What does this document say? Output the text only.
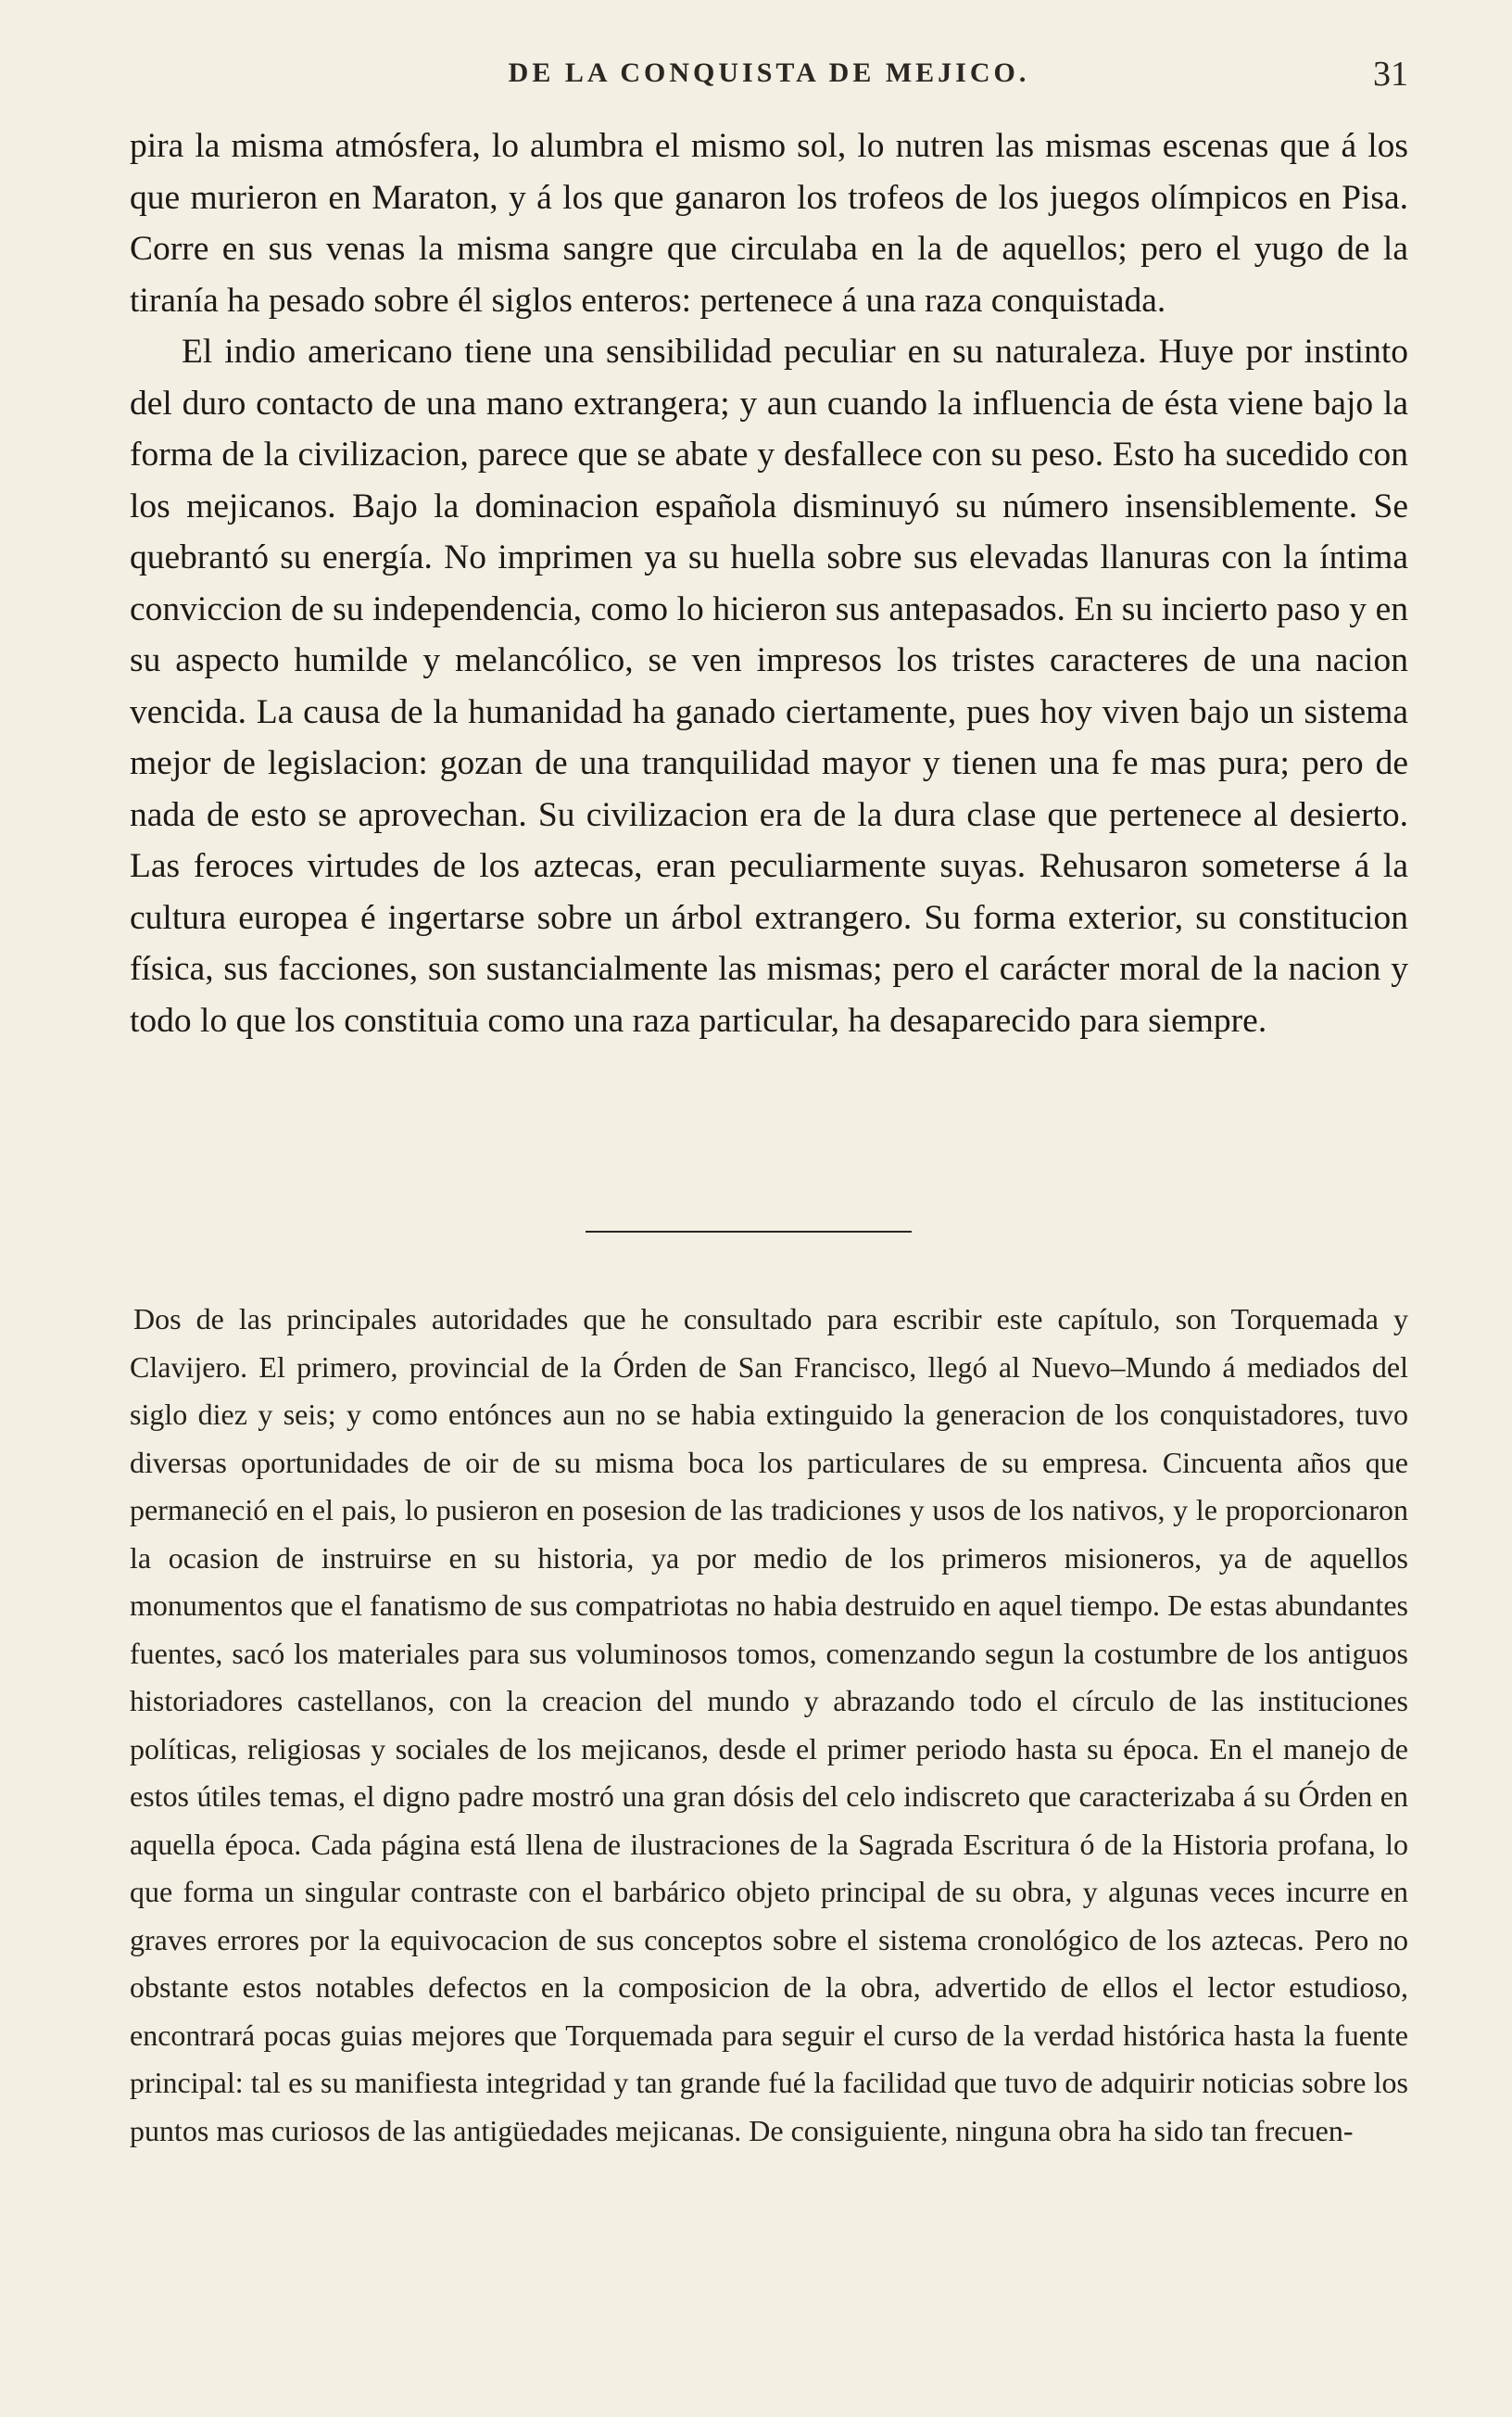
DE LA CONQUISTA DE MEJICO.	31

pira la misma atmósfera, lo alumbra el mismo sol, lo nutren las mismas escenas que á los que murieron en Maraton, y á los que ganaron los trofeos de los juegos olímpicos en Pisa. Corre en sus venas la misma sangre que circulaba en la de aquellos; pero el yugo de la tiranía ha pesado sobre él siglos enteros: pertenece á una raza conquistada.

El indio americano tiene una sensibilidad peculiar en su naturaleza. Huye por instinto del duro contacto de una mano extrangera; y aun cuando la influencia de ésta viene bajo la forma de la civilizacion, parece que se abate y desfallece con su peso. Esto ha sucedido con los mejicanos. Bajo la dominacion española disminuyó su número insensiblemente. Se quebrantó su energía. No imprimen ya su huella sobre sus elevadas llanuras con la íntima conviccion de su independencia, como lo hicieron sus antepasados. En su incierto paso y en su aspecto humilde y melancólico, se ven impresos los tristes caracteres de una nacion vencida. La causa de la humanidad ha ganado ciertamente, pues hoy viven bajo un sistema mejor de legislacion: gozan de una tranquilidad mayor y tienen una fe mas pura; pero de nada de esto se aprovechan. Su civilizacion era de la dura clase que pertenece al desierto. Las feroces virtudes de los aztecas, eran peculiarmente suyas. Rehusaron someterse á la cultura europea é ingertarse sobre un árbol extrangero. Su forma exterior, su constitucion física, sus facciones, son sustancialmente las mismas; pero el carácter moral de la nacion y todo lo que los constituia como una raza particular, ha desaparecido para siempre.

Dos de las principales autoridades que he consultado para escribir este capítulo, son Torquemada y Clavijero. El primero, provincial de la Órden de San Francisco, llegó al Nuevo–Mundo á mediados del siglo diez y seis; y como entónces aun no se habia extinguido la generacion de los conquistadores, tuvo diversas oportunidades de oir de su misma boca los particulares de su empresa. Cincuenta años que permaneció en el pais, lo pusieron en posesion de las tradiciones y usos de los nativos, y le proporcionaron la ocasion de instruirse en su historia, ya por medio de los primeros misioneros, ya de aquellos monumentos que el fanatismo de sus compatriotas no habia destruido en aquel tiempo. De estas abundantes fuentes, sacó los materiales para sus voluminosos tomos, comenzando segun la costumbre de los antiguos historiadores castellanos, con la creacion del mundo y abrazando todo el círculo de las instituciones políticas, religiosas y sociales de los mejicanos, desde el primer periodo hasta su época. En el manejo de estos útiles temas, el digno padre mostró una gran dósis del celo indiscreto que caracterizaba á su Órden en aquella época. Cada página está llena de ilustraciones de la Sagrada Escritura ó de la Historia profana, lo que forma un singular contraste con el barbárico objeto principal de su obra, y algunas veces incurre en graves errores por la equivocacion de sus conceptos sobre el sistema cronológico de los aztecas. Pero no obstante estos notables defectos en la composicion de la obra, advertido de ellos el lector estudioso, encontrará pocas guias mejores que Torquemada para seguir el curso de la verdad histórica hasta la fuente principal: tal es su manifiesta integridad y tan grande fué la facilidad que tuvo de adquirir noticias sobre los puntos mas curiosos de las antigüedades mejicanas. De consiguiente, ninguna obra ha sido tan frecuen-
